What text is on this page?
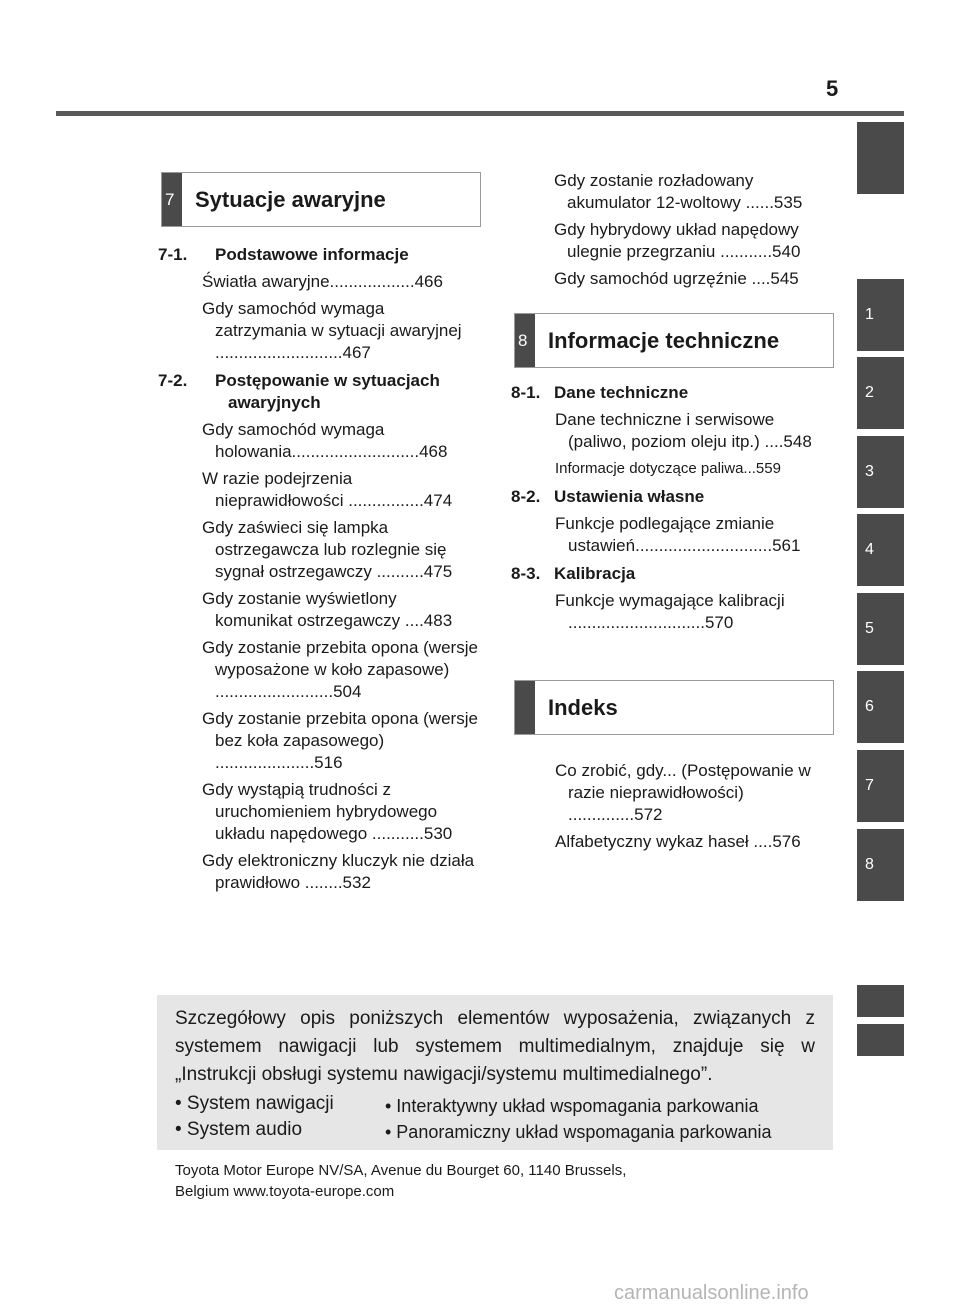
5
1
2
3
4
5
6
7
8
7 Sytuacje awaryjne
7-1. Podstawowe informacje
Światła awaryjne..................466
Gdy samochód wymaga zatrzymania w sytuacji awaryjnej ...........................467
7-2. Postępowanie w sytuacjach awaryjnych
Gdy samochód wymaga holowania...........................468
W razie podejrzenia nieprawidłowości ................474
Gdy zaświeci się lampka ostrzegawcza lub rozlegnie się sygnał ostrzegawczy ..........475
Gdy zostanie wyświetlony komunikat ostrzegawczy ....483
Gdy zostanie przebita opona (wersje wyposażone w koło zapasowe) .........................504
Gdy zostanie przebita opona (wersje bez koła zapasowego) .....................516
Gdy wystąpią trudności z uruchomieniem hybrydowego układu napędowego ...........530
Gdy elektroniczny kluczyk nie działa prawidłowo ........532
Gdy zostanie rozładowany akumulator 12-woltowy ......535
Gdy hybrydowy układ napędowy ulegnie przegrzaniu ...........540
Gdy samochód ugrzęźnie ....545
8 Informacje techniczne
8-1. Dane techniczne
Dane techniczne i serwisowe (paliwo, poziom oleju itp.) ....548
Informacje dotyczące paliwa...559
8-2. Ustawienia własne
Funkcje podlegające zmianie ustawień.............................561
8-3. Kalibracja
Funkcje wymagające kalibracji .............................570
Indeks
Co zrobić, gdy... (Postępowanie w razie nieprawidłowości) ..............572
Alfabetyczny wykaz haseł ....576
Szczegółowy opis poniższych elementów wyposażenia, związanych z systemem nawigacji lub systemem multimedialnym, znajduje się w „Instrukcji obsługi systemu nawigacji/systemu multimedialnego”.
• System nawigacji
• System audio
• Interaktywny układ wspomagania parkowania
• Panoramiczny układ wspomagania parkowania
Toyota Motor Europe NV/SA, Avenue du Bourget 60, 1140 Brussels,
Belgium www.toyota-europe.com
carmanualsonline.info
